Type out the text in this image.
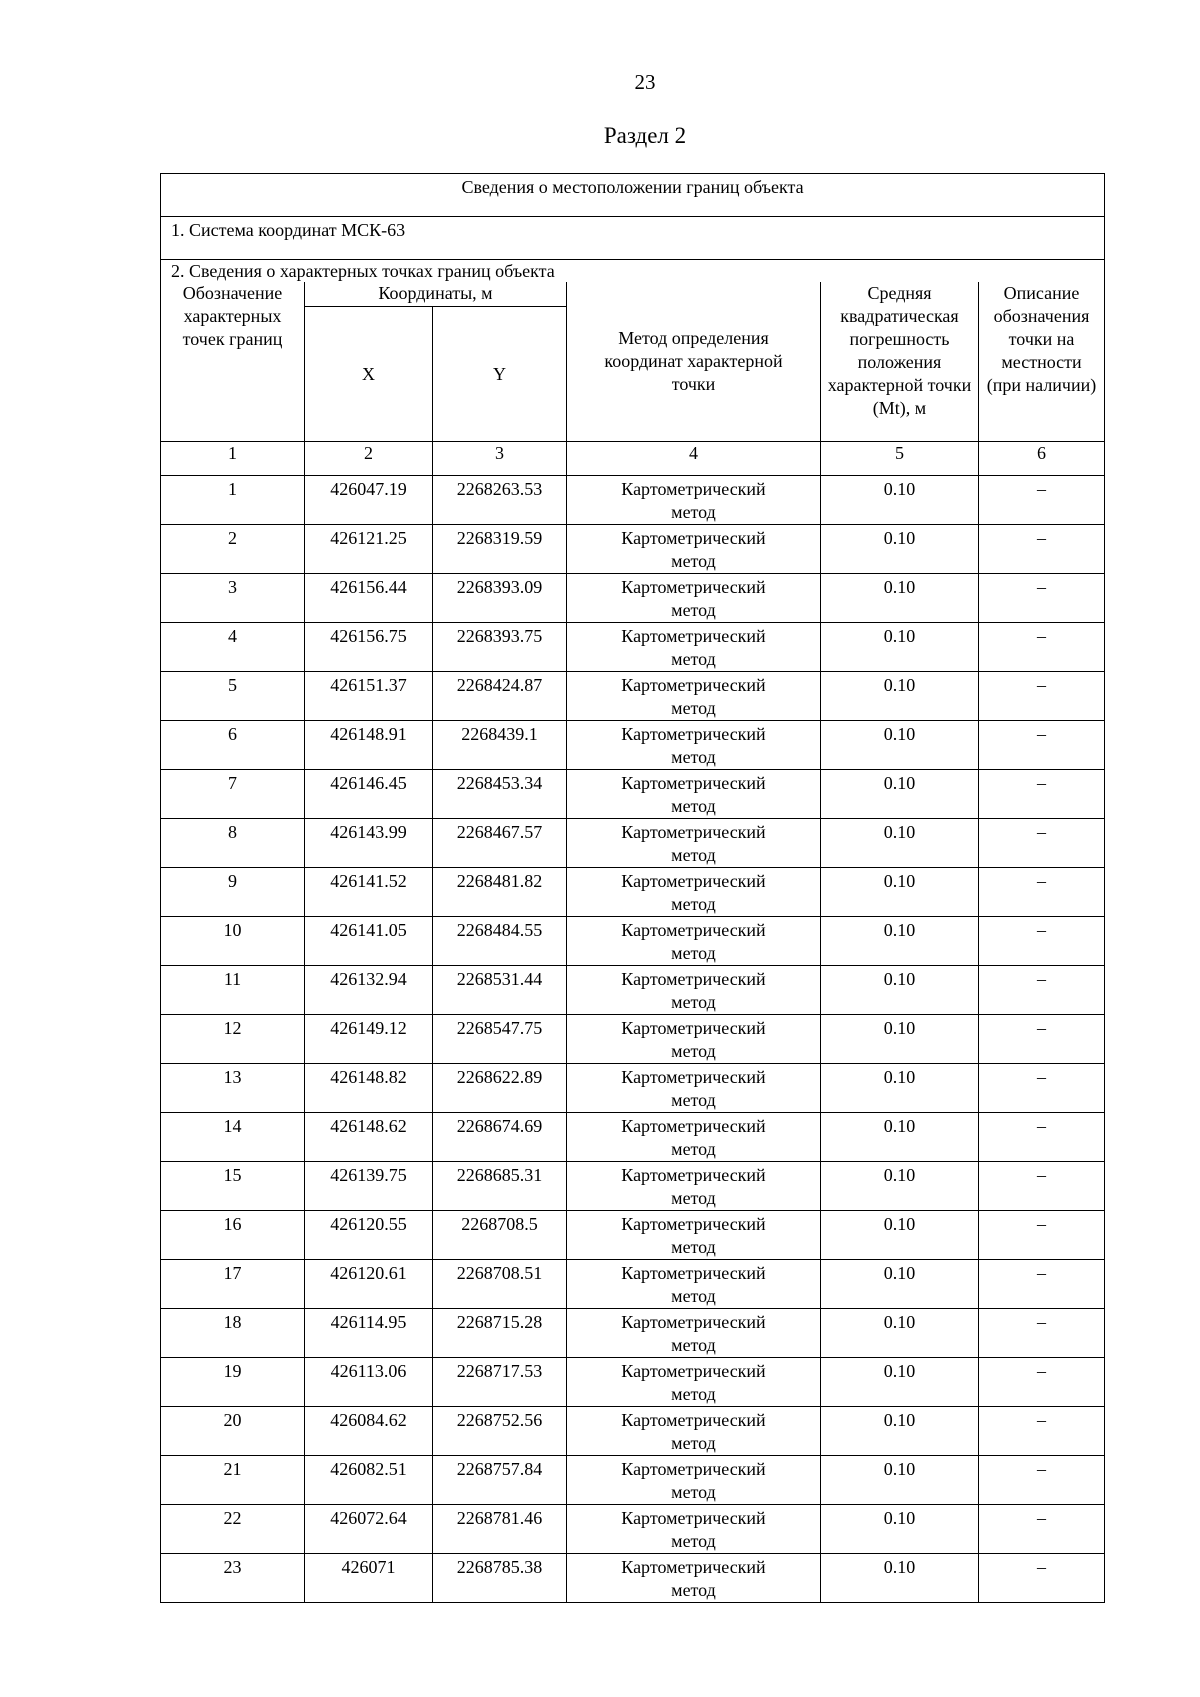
23
Раздел 2
Сведения о местоположении границ объекта					
1. Система координат МСК-63					
2. Сведения о характерных точках границ объекта					
Обозначение характерных точек границ	Координаты, м		Метод определения координат характерной точки	Средняя квадратическая погрешность положения характерной точки (Mt), м	Описание обозначения точки на местности (при наличии)
	X	Y			
1	2	3	4	5	6
1	426047.19	2268263.53	Картометрический метод	0.10	–
2	426121.25	2268319.59	Картометрический метод	0.10	–
3	426156.44	2268393.09	Картометрический метод	0.10	–
4	426156.75	2268393.75	Картометрический метод	0.10	–
5	426151.37	2268424.87	Картометрический метод	0.10	–
6	426148.91	2268439.1	Картометрический метод	0.10	–
7	426146.45	2268453.34	Картометрический метод	0.10	–
8	426143.99	2268467.57	Картометрический метод	0.10	–
9	426141.52	2268481.82	Картометрический метод	0.10	–
10	426141.05	2268484.55	Картометрический метод	0.10	–
11	426132.94	2268531.44	Картометрический метод	0.10	–
12	426149.12	2268547.75	Картометрический метод	0.10	–
13	426148.82	2268622.89	Картометрический метод	0.10	–
14	426148.62	2268674.69	Картометрический метод	0.10	–
15	426139.75	2268685.31	Картометрический метод	0.10	–
16	426120.55	2268708.5	Картометрический метод	0.10	–
17	426120.61	2268708.51	Картометрический метод	0.10	–
18	426114.95	2268715.28	Картометрический метод	0.10	–
19	426113.06	2268717.53	Картометрический метод	0.10	–
20	426084.62	2268752.56	Картометрический метод	0.10	–
21	426082.51	2268757.84	Картометрический метод	0.10	–
22	426072.64	2268781.46	Картометрический метод	0.10	–
23	426071	2268785.38	Картометрический метод	0.10	–
